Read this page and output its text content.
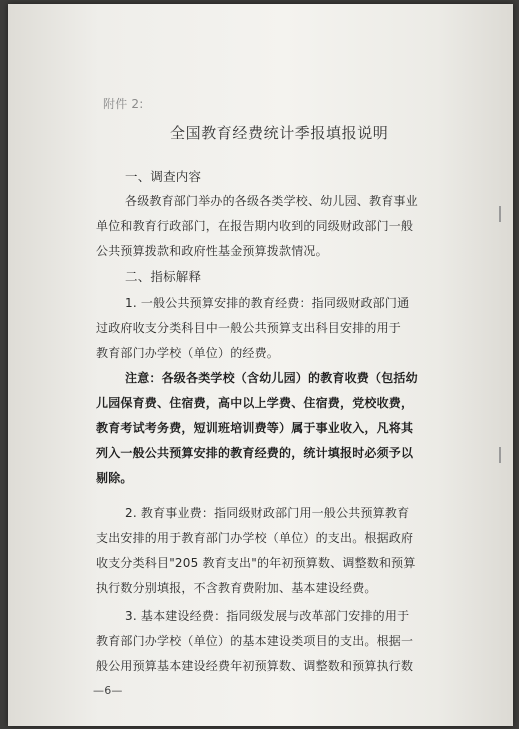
附件 2:
全国教育经费统计季报填报说明
一、调查内容
各级教育部门举办的各级各类学校、幼儿园、教育事业
单位和教育行政部门，在报告期内收到的同级财政部门一般
公共预算拨款和政府性基金预算拨款情况。
二、指标解释
1. 一般公共预算安排的教育经费：指同级财政部门通
过政府收支分类科目中一般公共预算支出科目安排的用于
教育部门办学校（单位）的经费。
注意：各级各类学校（含幼儿园）的教育收费（包括幼
儿园保育费、住宿费，高中以上学费、住宿费，党校收费，
教育考试考务费，短训班培训费等）属于事业收入，凡将其
列入一般公共预算安排的教育经费的，统计填报时必须予以
剔除。
2. 教育事业费：指同级财政部门用一般公共预算教育
支出安排的用于教育部门办学校（单位）的支出。根据政府
收支分类科目"205 教育支出"的年初预算数、调整数和预算
执行数分别填报，不含教育费附加、基本建设经费。
3. 基本建设经费：指同级发展与改革部门安排的用于
教育部门办学校（单位）的基本建设类项目的支出。根据一
般公用预算基本建设经费年初预算数、调整数和预算执行数
—6—
